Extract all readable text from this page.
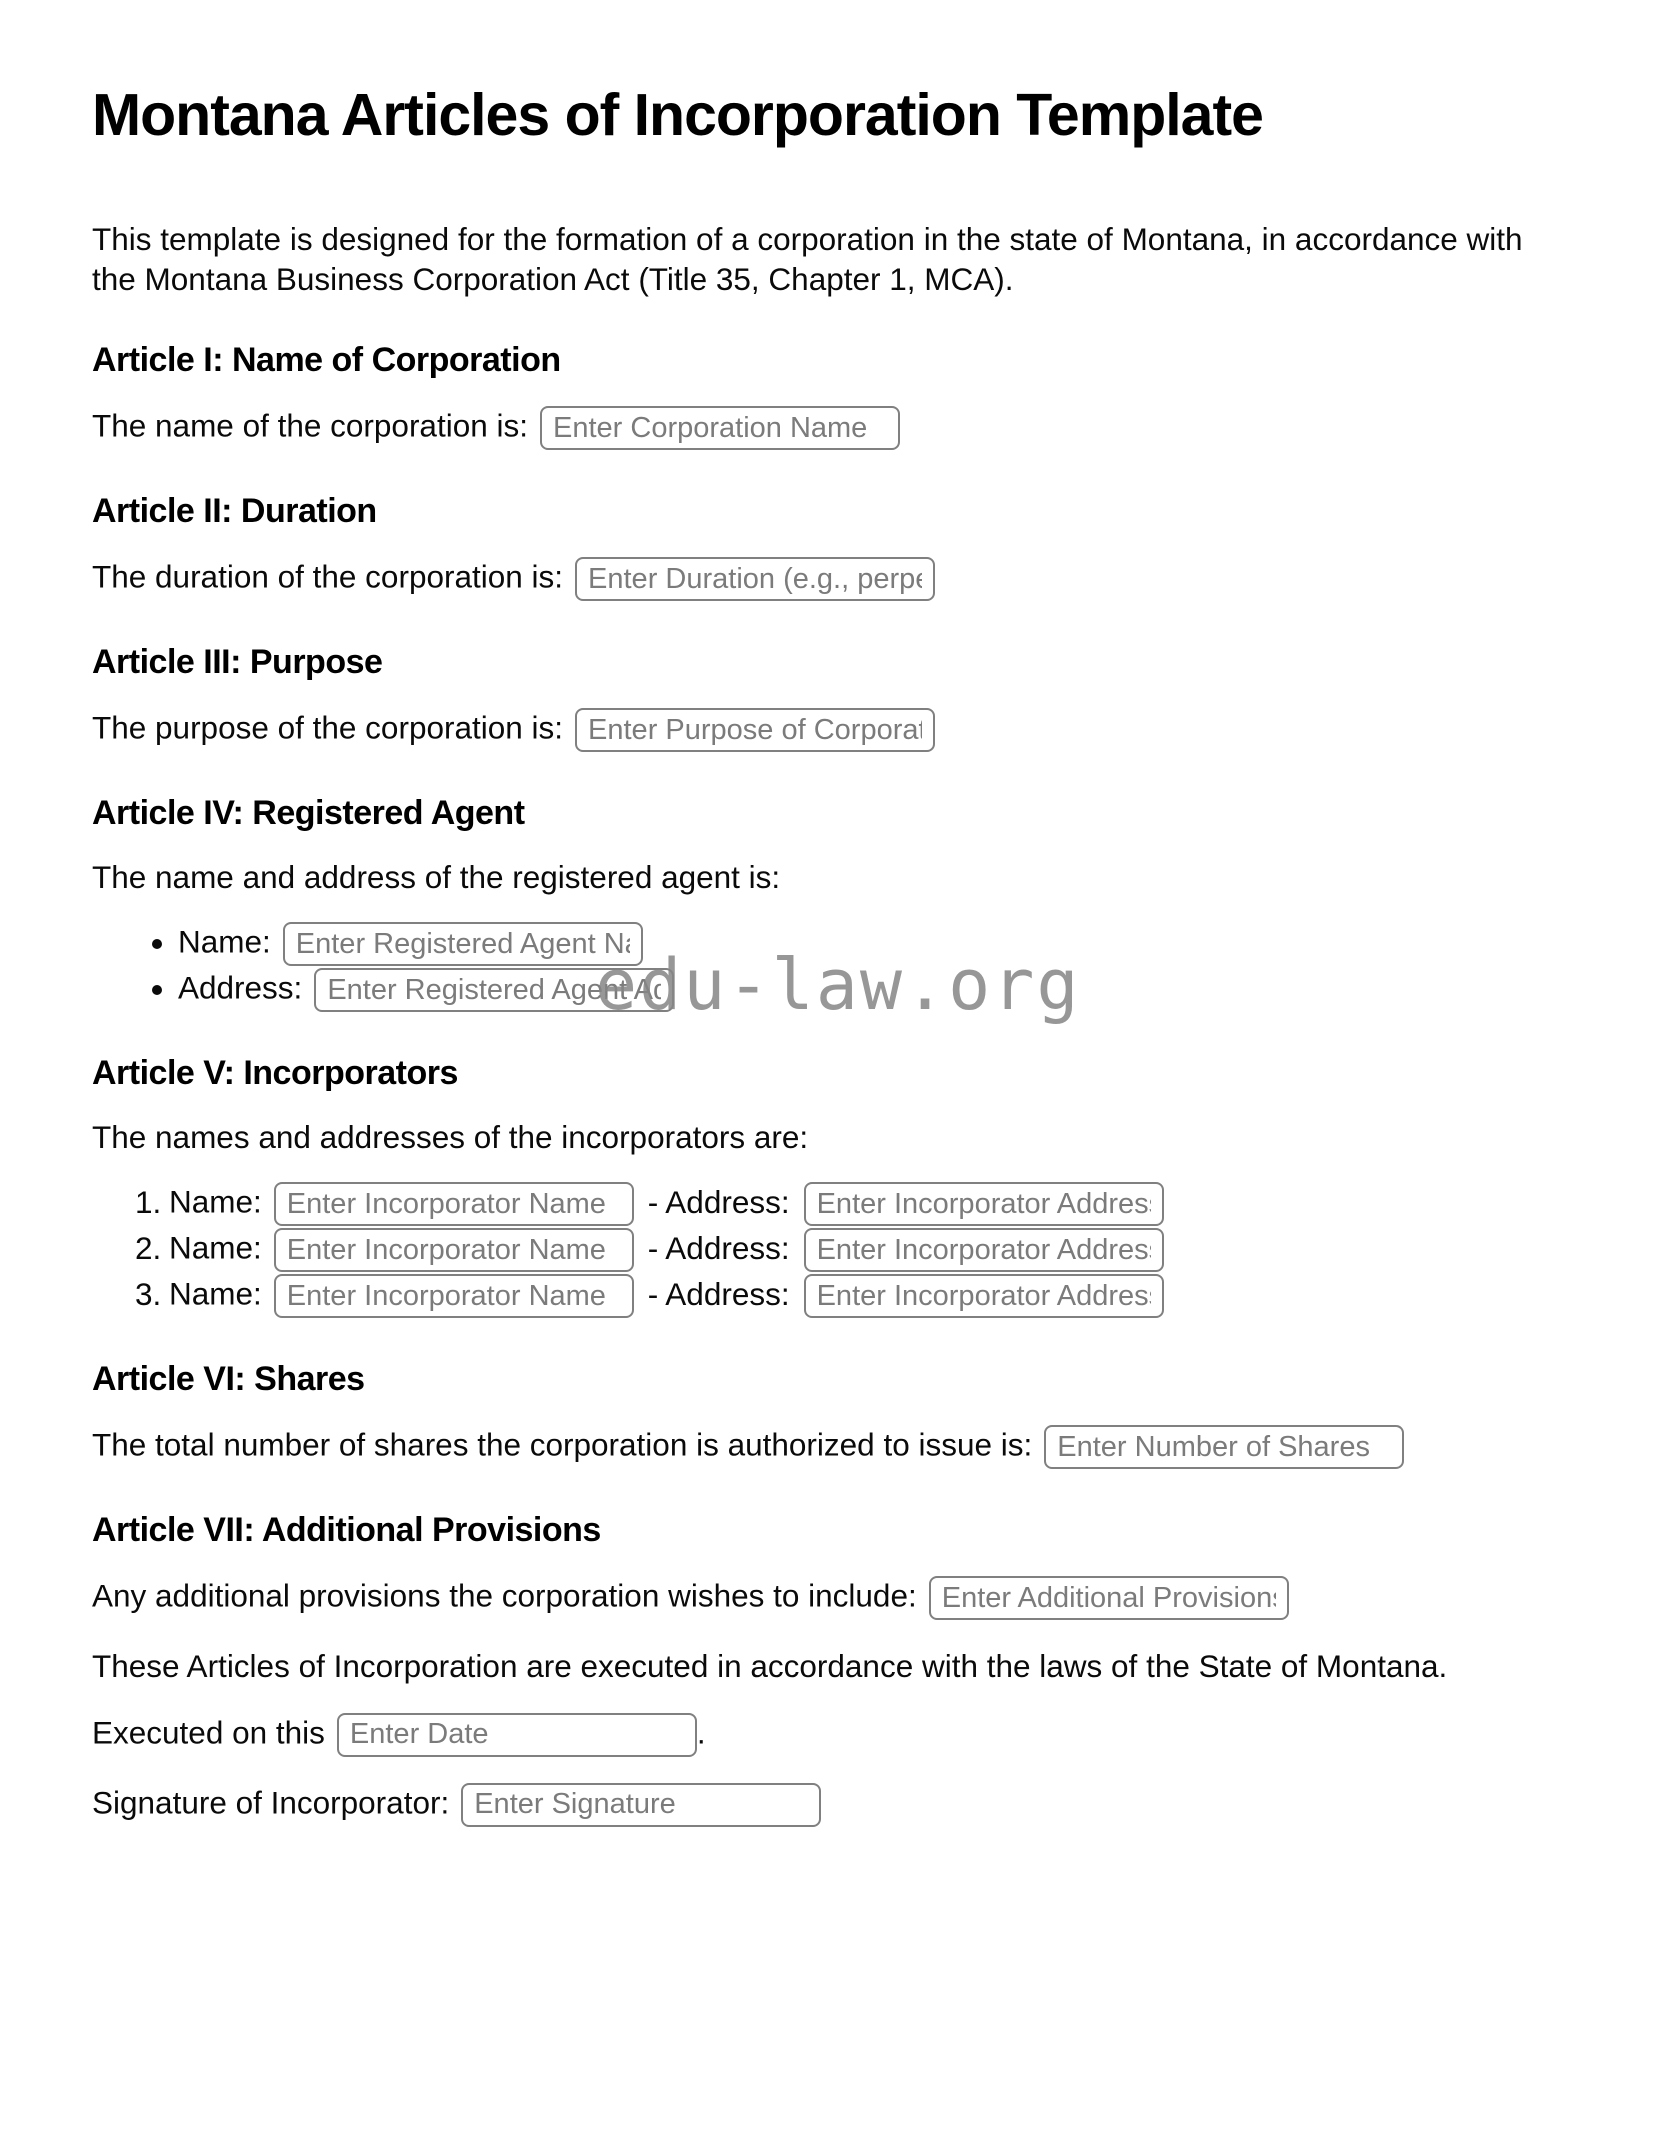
Montana Articles of Incorporation Template

This template is designed for the formation of a corporation in the state of Montana, in accordance with the Montana Business Corporation Act (Title 35, Chapter 1, MCA).

Article I: Name of Corporation
The name of the corporation is:Enter Corporation Name
Article II: Duration
The duration of the corporation is:Enter Duration (e.g., perpetual)
Article III: Purpose
The purpose of the corporation is:Enter Purpose of Corporation
Article IV: Registered Agent

The name and address of the registered agent is:

• Name:Enter Registered Agent Name
• Address:Enter Registered Agent Address	edu-law.org
Article V: Incorporators

The names and addresses of the incorporators are:

1. Name:Enter Incorporator Name	- Address:Enter Incorporator Address
2. Name:Enter Incorporator Name	- Address:Enter Incorporator Address
3. Name:Enter Incorporator Name	- Address:Enter Incorporator Address
Article VI: Shares
The total number of shares the corporation is authorized to issue is:Enter Number of Shares
Article VII: Additional Provisions
Any additional provisions the corporation wishes to include:Enter Additional Provisions

These Articles of Incorporation are executed in accordance with the laws of the State of Montana.

Executed on thisEnter Date	.
Signature of Incorporator:Enter Signature
